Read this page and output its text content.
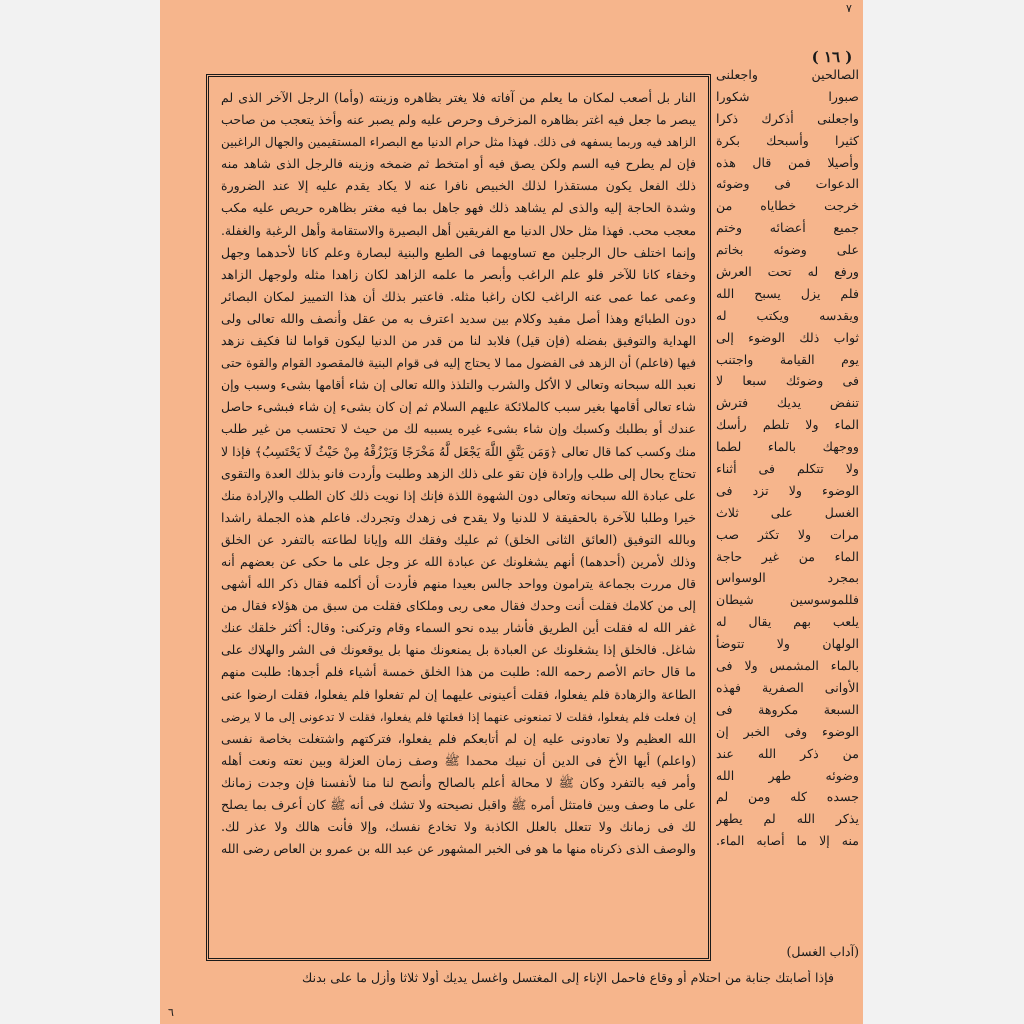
٧
( ١٦ )
النار بل أصعب لمكان ما يعلم من آفاته فلا يغتر بظاهره وزينته (وأما) الرجل الآخر الذى لم
يبصر ما جعل فيه اغتر بظاهره المزخرف وحرص عليه ولم يصبر عنه وأخذ يتعجب من صاحب
الزاهد فيه وربما يسفهه فى ذلك. فهذا مثل حرام الدنيا مع البصراء المستقيمين والجهال الراغبين
فإن لم يطرح فيه السم ولكن يصق فيه أو امتخط ثم ضمخه وزينه فالرجل الذى شاهد منه
ذلك الفعل يكون مستقذرا لذلك الخبيص نافرا عنه لا يكاد يقدم عليه إلا عند الضرورة
وشدة الحاجة إليه والذى لم يشاهد ذلك فهو جاهل بما فيه مغتر بظاهره حريص عليه مكب
معجب محب. فهذا مثل حلال الدنيا مع الفريقين أهل البصيرة والاستقامة وأهل الرغبة والغفلة.
وإنما اختلف حال الرجلين مع تساويهما فى الطبع والبنية لبصارة وعلم كانا لأحدهما وجهل
وخفاء كانا للآخر فلو علم الراغب وأبصر ما علمه الزاهد لكان زاهدا مثله ولوجهل الزاهد
وعمى عما عمى عنه الراغب لكان راغبا مثله. فاعتبر بذلك أن هذا التمييز لمكان البصائر
دون الطبائع وهذا أصل مفيد وكلام بين سديد اعترف به من عقل وأنصف والله تعالى ولى
الهداية والتوفيق بفضله (فإن قيل) فلابد لنا من قدر من الدنيا ليكون قواما لنا فكيف نزهد
فيها (فاعلم) أن الزهد فى الفضول مما لا يحتاج إليه فى قوام البنية فالمقصود القوام والقوة حتى
نعبد الله سبحانه وتعالى لا الأكل والشرب والتلذذ والله تعالى إن شاء أقامها بشىء وسبب وإن
شاء تعالى أقامها بغير سبب كالملائكة عليهم السلام ثم إن كان بشىء إن شاء فبشىء حاصل
عندك أو بطلبك وكسبك وإن شاء بشىء غيره يسببه لك من حيث لا تحتسب من غير طلب
منك وكسب كما قال تعالى ﴿وَمَن يَتَّقِ اللَّهَ يَجْعَل لَّهُ مَخْرَجًا وَيَرْزُقْهُ مِنْ حَيْثُ لَا يَحْتَسِبُ﴾ فإذا لا
تحتاج بحال إلى طلب وإرادة فإن تقو على ذلك الزهد وطلبت وأردت فانو بذلك العدة والتقوى
على عبادة الله سبحانه وتعالى دون الشهوة اللذة فإنك إذا نويت ذلك كان الطلب والإرادة منك
خيرا وطلبا للآخرة بالحقيقة لا للدنيا ولا يقدح فى زهدك وتجردك. فاعلم هذه الجملة راشدا
وبالله التوفيق (العائق الثانى الخلق) ثم عليك وفقك الله وإيانا لطاعته بالتفرد عن الخلق
وذلك لأمرين (أحدهما) أنهم يشغلونك عن عبادة الله عز وجل على ما حكى عن بعضهم أنه
قال مررت بجماعة يترامون وواحد جالس بعيدا منهم فأردت أن أكلمه فقال ذكر الله أشهى
إلى من كلامك فقلت أنت وحدك فقال معى ربى وملكاى فقلت من سبق من هؤلاء فقال من
غفر الله له فقلت أين الطريق فأشار بيده نحو السماء وقام وتركنى: وقال: أكثر خلقك عنك
شاغل. فالخلق إذا يشغلونك عن العبادة بل يمنعونك منها بل يوقعونك فى الشر والهلاك على
ما قال حاتم الأصم رحمه الله: طلبت من هذا الخلق خمسة أشياء فلم أجدها: طلبت منهم
الطاعة والزهادة فلم يفعلوا، فقلت أعينونى عليهما إن لم تفعلوا فلم يفعلوا، فقلت ارضوا عنى
إن فعلت فلم يفعلوا، فقلت لا تمنعونى عنهما إذا فعلتها فلم يفعلوا، فقلت لا تدعونى إلى ما لا يرضى
الله العظيم ولا تعادونى عليه إن لم أتابعكم فلم يفعلوا، فتركتهم واشتغلت بخاصة نفسى
(واعلم) أيها الأخ فى الدين أن نبيك محمدا ﷺ وصف زمان العزلة وبين نعته ونعت أهله
وأمر فيه بالتفرد وكان ﷺ لا محالة أعلم بالصالح وأنصح لنا منا لأنفسنا فإن وجدت زمانك
على ما وصف وبين فامتثل أمره ﷺ واقبل نصيحته ولا تشك فى أنه ﷺ كان أعرف بما يصلح
لك فى زمانك ولا تتعلل بالعلل الكاذبة ولا تخادع نفسك، وإلا فأنت هالك ولا عذر لك.
والوصف الذى ذكرناه منها ما هو فى الخبر المشهور عن عبد الله بن عمرو بن العاص رضى الله
الصالحين واجعلنى
صبورا شكورا
واجعلنى أذكرك ذكرا
كثيرا وأسبحك بكرة
وأصيلا فمن قال هذه
الدعوات فى وضوئه
خرجت خطاياه من
جميع أعضائه وختم
على وضوئه بخاتم
ورفع له تحت العرش
فلم يزل يسبح الله
ويقدسه ويكتب له
ثواب ذلك الوضوء إلى
يوم القيامة واجتنب
فى وضوئك سبعا لا
تنفض يديك فترش
الماء ولا تلطم رأسك
ووجهك بالماء لطما
ولا تتكلم فى أثناء
الوضوء ولا تزد فى
الغسل على ثلاث
مرات ولا تكثر صب
الماء من غير حاجة
بمجرد الوسواس
فللموسوسين شيطان
يلعب بهم يقال له
الولهان ولا تتوضأ
بالماء المشمس ولا فى
الأوانى الصفرية فهذه
السبعة مكروهة فى
الوضوء وفى الخبر إن
من ذكر الله عند
وضوئه طهر الله
جسده كله ومن لم
يذكر الله لم يطهر
منه إلا ما أصابه الماء.
(آداب الغسل)
فإذا أصابتك جنابة من احتلام أو وقاع فاحمل الإناء إلى المغتسل واغسل يديك أولا ثلاثا وأزل ما على بدنك
٦
